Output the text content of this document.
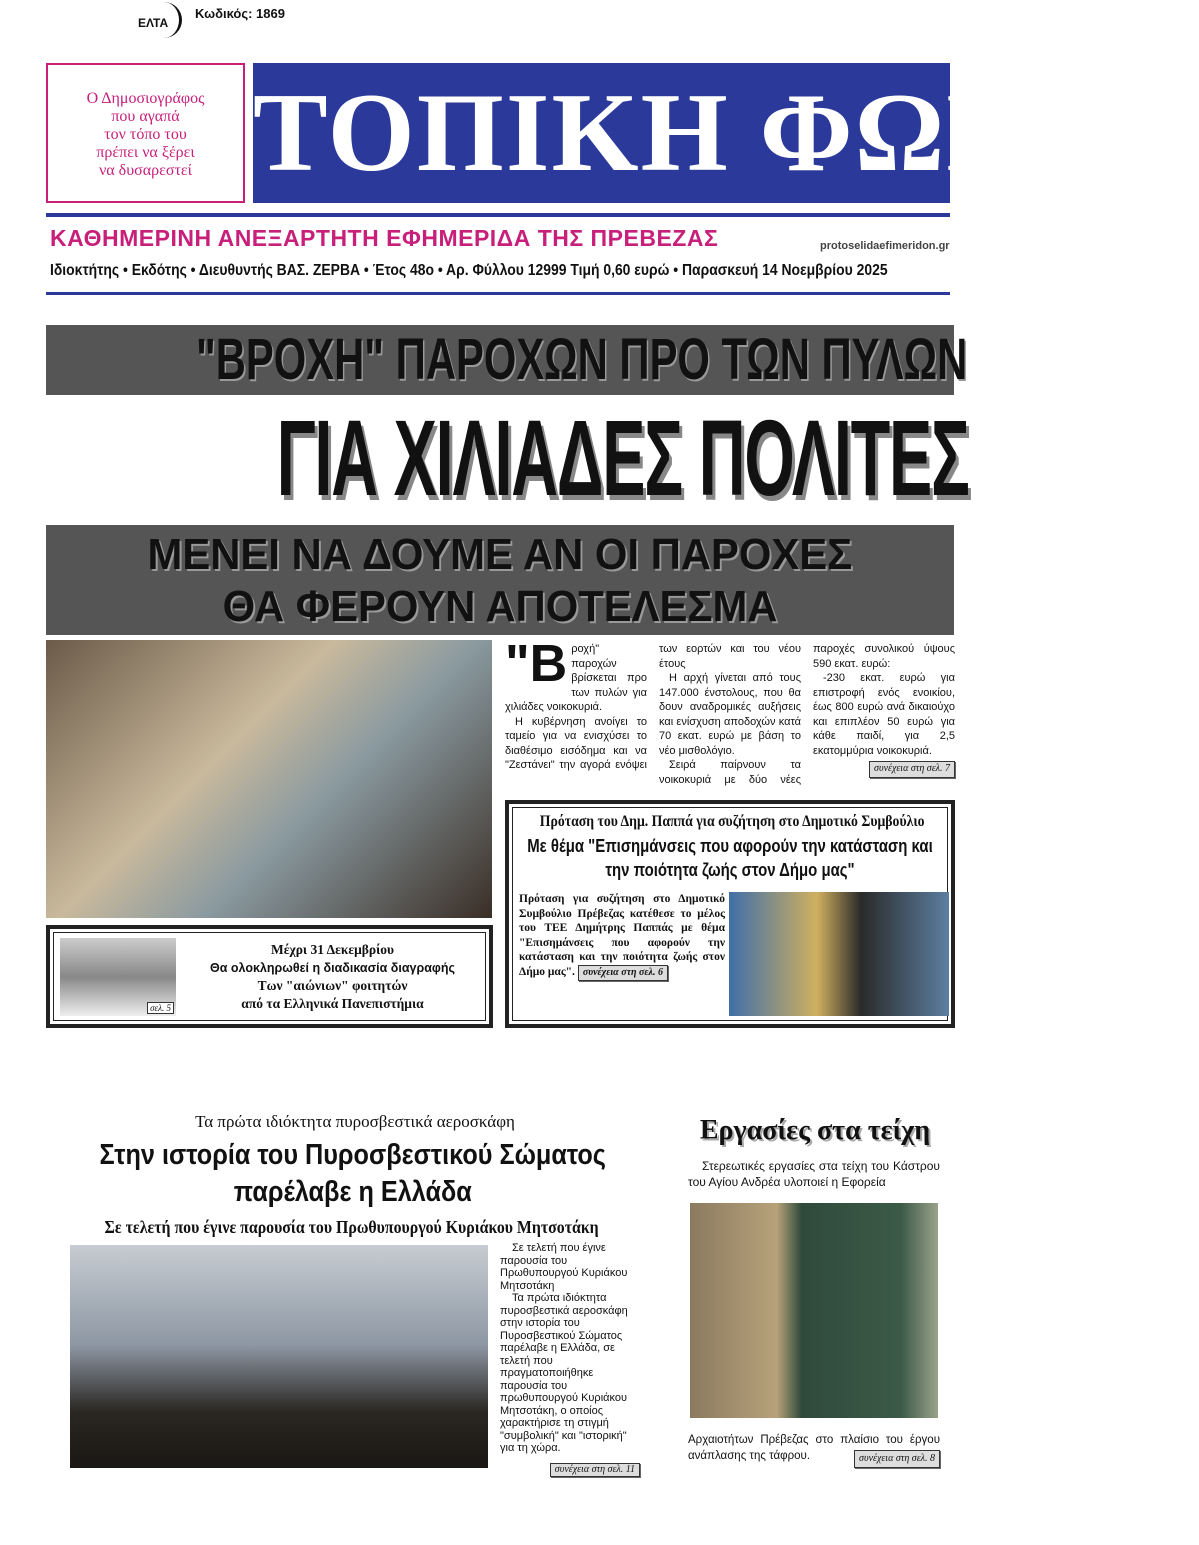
ΕΛΤΑ
Κωδικός: 1869
Ο Δημοσιογράφος
που αγαπά
τον τόπο του
πρέπει να ξέρει
να δυσαρεστεί ΤΟΠΙΚΗ ΦΩΝΗ
ΚΑΘΗΜΕΡΙΝΗ ΑΝΕΞΑΡΤΗΤΗ ΕΦΗΜΕΡΙΔΑ ΤΗΣ ΠΡΕΒΕΖΑΣ	protoselidaefimeridon.gr
Ιδιοκτήτης • Εκδότης • Διευθυντής ΒΑΣ. ΖΕΡΒΑ • Έτος 48ο • Αρ. Φύλλου 12999 Τιμή 0,60 ευρώ • Παρασκευή 14 Νοεμβρίου 2025
"ΒΡΟΧΗ" ΠΑΡΟΧΩΝ ΠΡΟ ΤΩΝ ΠΥΛΩΝ
ΓΙΑ ΧΙΛΙΑΔΕΣ ΠΟΛΙΤΕΣ
ΜΕΝΕΙ ΝΑ ΔΟΥΜΕ ΑΝ ΟΙ ΠΑΡΟΧΕΣ
ΘΑ ΦΕΡΟΥΝ ΑΠΟΤΕΛΕΣΜΑ

"Βροχή" παροχών βρίσκεται προ των πυλών για χιλιάδες νοικοκυριά.

Η κυβέρνηση ανοίγει το ταμείο για να ενισχύσει το διαθέσιμο εισόδημα και να "Ζεστάνει" την αγορά ενόψει των εορτών και του νέου έτους

Η αρχή γίνεται από τους 147.000 ένστολους, που θα δουν αναδρομικές αυξήσεις και ενίσχυση αποδοχών κατά 70 εκατ. ευρώ με βάση το νέο μισθολόγιο.

Σειρά παίρνουν τα νοικοκυριά με δύο νέες παροχές συνολικού ύψους 590 εκατ. ευρώ:

-230 εκατ. ευρώ για επιστροφή ενός ενοικίου, έως 800 ευρώ ανά δικαιούχο και επιπλέον 50 ευρώ για κάθε παιδί, για 2,5 εκατομμύρια νοικοκυριά.

συνέχεια στη σελ. 7
Πρόταση του Δημ. Παππά για συζήτηση στο Δημοτικό Συμβούλιο
Με θέμα "Επισημάνσεις που αφορούν την κατάσταση και την ποιότητα ζωής στον Δήμο μας"
Πρόταση για συζήτηση στο Δημοτικό Συμβούλιο Πρέβεζας κατέθεσε το μέλος του ΤΕΕ Δημήτρης Παππάς με θέμα "Επισημάνσεις που αφορούν την κατάσταση και την ποιότητα ζωής στον Δήμο μας". συνέχεια στη σελ. 6
σελ. 5
Μέχρι 31 Δεκεμβρίου
Θα ολοκληρωθεί η διαδικασία διαγραφής
Των "αιώνιων" φοιτητών
από τα Ελληνικά Πανεπιστήμια
Τα πρώτα ιδιόκτητα πυροσβεστικά αεροσκάφη
Στην ιστορία του Πυροσβεστικού Σώματος
παρέλαβε η Ελλάδα
Σε τελετή που έγινε παρουσία του Πρωθυπουργού Κυριάκου Μητσοτάκη

Σε τελετή που έγινε παρουσία του Πρωθυπουργού Κυριάκου Μητσοτάκη

Τα πρώτα ιδιόκτητα πυροσβεστικά αεροσκάφη στην ιστορία του Πυροσβεστικού Σώματος παρέλαβε η Ελλάδα, σε τελετή που πραγματοποιήθηκε παρουσία του πρωθυπουργού Κυριάκου Μητσοτάκη, ο οποίος χαρακτήρισε τη στιγμή "συμβολική" και "ιστορική" για τη χώρα.

συνέχεια στη σελ. 11
Εργασίες στα τείχη
Στερεωτικές εργασίες στα τείχη του Κάστρου του Αγίου Ανδρέα υλοποιεί η Εφορεία
Αρχαιοτήτων Πρέβεζας στο πλαίσιο του έργου ανάπλασης της τάφρου.	συνέχεια στη σελ. 8
